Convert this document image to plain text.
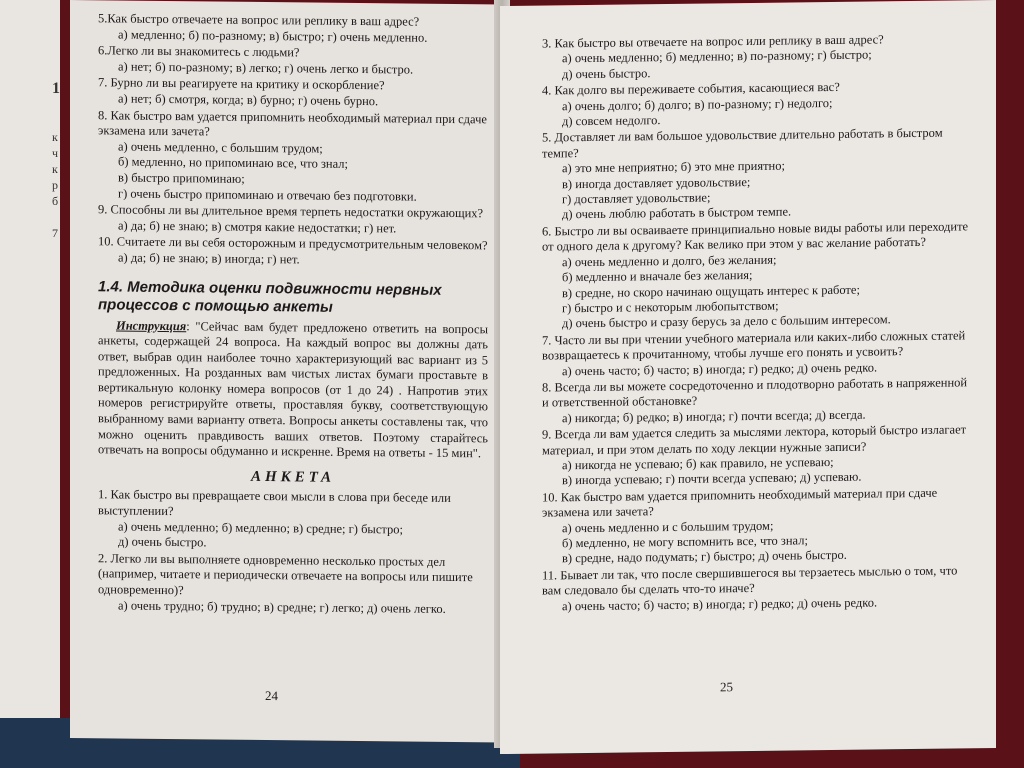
1
к
ч
к
р
б
7
5.Как быстро отвечаете на вопрос или реплику в ваш адрес?
а) медленно; б) по-разному; в) быстро; г) очень медленно.
6.Легко ли вы знакомитесь с людьми?
а) нет; б) по-разному; в) легко; г) очень легко и быстро.
7. Бурно ли вы реагируете на критику и оскорбление?
а) нет; б) смотря, когда; в) бурно; г) очень бурно.
8. Как быстро вам удается припомнить необходимый материал при сдаче экзамена или зачета?
а) очень медленно, с большим трудом;
б) медленно, но припоминаю все, что знал;
в) быстро припоминаю;
г) очень быстро припоминаю и отвечаю без подготовки.
9. Способны ли вы длительное время терпеть недостатки окружающих?
а) да; б) не знаю; в) смотря какие недостатки; г) нет.
10. Считаете ли вы себя осторожным и предусмотрительным человеком?
а) да; б) не знаю; в) иногда; г) нет.
1.4. Методика оценки подвижности нервных процессов с помощью анкеты

Инструкция: "Сейчас вам будет предложено ответить на вопросы анкеты, содержащей 24 вопроса. На каждый вопрос вы должны дать ответ, выбрав один наиболее точно характеризующий вас вариант из 5 предложенных. На розданных вам чистых листах бумаги проставьте в вертикальную колонку номера вопросов (от 1 до 24) . Напротив этих номеров регистрируйте ответы, проставляя букву, соответствующую выбранному вами варианту ответа. Вопросы анкеты составлены так, что можно оценить правдивость ваших ответов. Поэтому старайтесь отвечать на вопросы обдуманно и искренне. Время на ответы - 15 мин".

АНКЕТА
1. Как быстро вы превращаете свои мысли в слова при беседе или выступлении?
а) очень медленно; б) медленно; в) средне; г) быстро;
д) очень быстро.
2. Легко ли вы выполняете одновременно несколько простых дел (например, читаете и периодически отвечаете на вопросы или пишите одновременно)?
а) очень трудно; б) трудно; в) средне; г) легко; д) очень легко.
24
3. Как быстро вы отвечаете на вопрос или реплику в ваш адрес?
а) очень медленно; б) медленно; в) по-разному; г) быстро;
д) очень быстро.
4. Как долго вы переживаете события, касающиеся вас?
а) очень долго; б) долго; в) по-разному; г) недолго;
д) совсем недолго.
5. Доставляет ли вам большое удовольствие длительно работать в быстром темпе?
а) это мне неприятно; б) это мне приятно;
в) иногда доставляет удовольствие;
г) доставляет удовольствие;
д) очень люблю работать в быстром темпе.
6. Быстро ли вы осваиваете принципиально новые виды работы или переходите от одного дела к другому? Как велико при этом у вас желание работать?
а) очень медленно и долго, без желания;
б) медленно и вначале без желания;
в) средне, но скоро начинаю ощущать интерес к работе;
г) быстро и с некоторым любопытством;
д) очень быстро и сразу берусь за дело с большим интересом.
7. Часто ли вы при чтении учебного материала или каких-либо сложных статей возвращаетесь к прочитанному, чтобы лучше его понять и усвоить?
а) очень часто; б) часто; в) иногда; г) редко; д) очень редко.
8. Всегда ли вы можете сосредоточенно и плодотворно работать в напряженной и ответственной обстановке?
а) никогда; б) редко; в) иногда; г) почти всегда; д) всегда.
9. Всегда ли вам удается следить за мыслями лектора, который быстро излагает материал, и при этом делать по ходу лекции нужные записи?
а) никогда не успеваю; б) как правило, не успеваю;
в) иногда успеваю; г) почти всегда успеваю; д) успеваю.
10. Как быстро вам удается припомнить необходимый материал при сдаче экзамена или зачета?
а) очень медленно и с большим трудом;
б) медленно, не могу вспомнить все, что знал;
в) средне, надо подумать; г) быстро; д) очень быстро.
11. Бывает ли так, что после свершившегося вы терзаетесь мыслью о том, что вам следовало бы сделать что-то иначе?
а) очень часто; б) часто; в) иногда; г) редко; д) очень редко.
25
